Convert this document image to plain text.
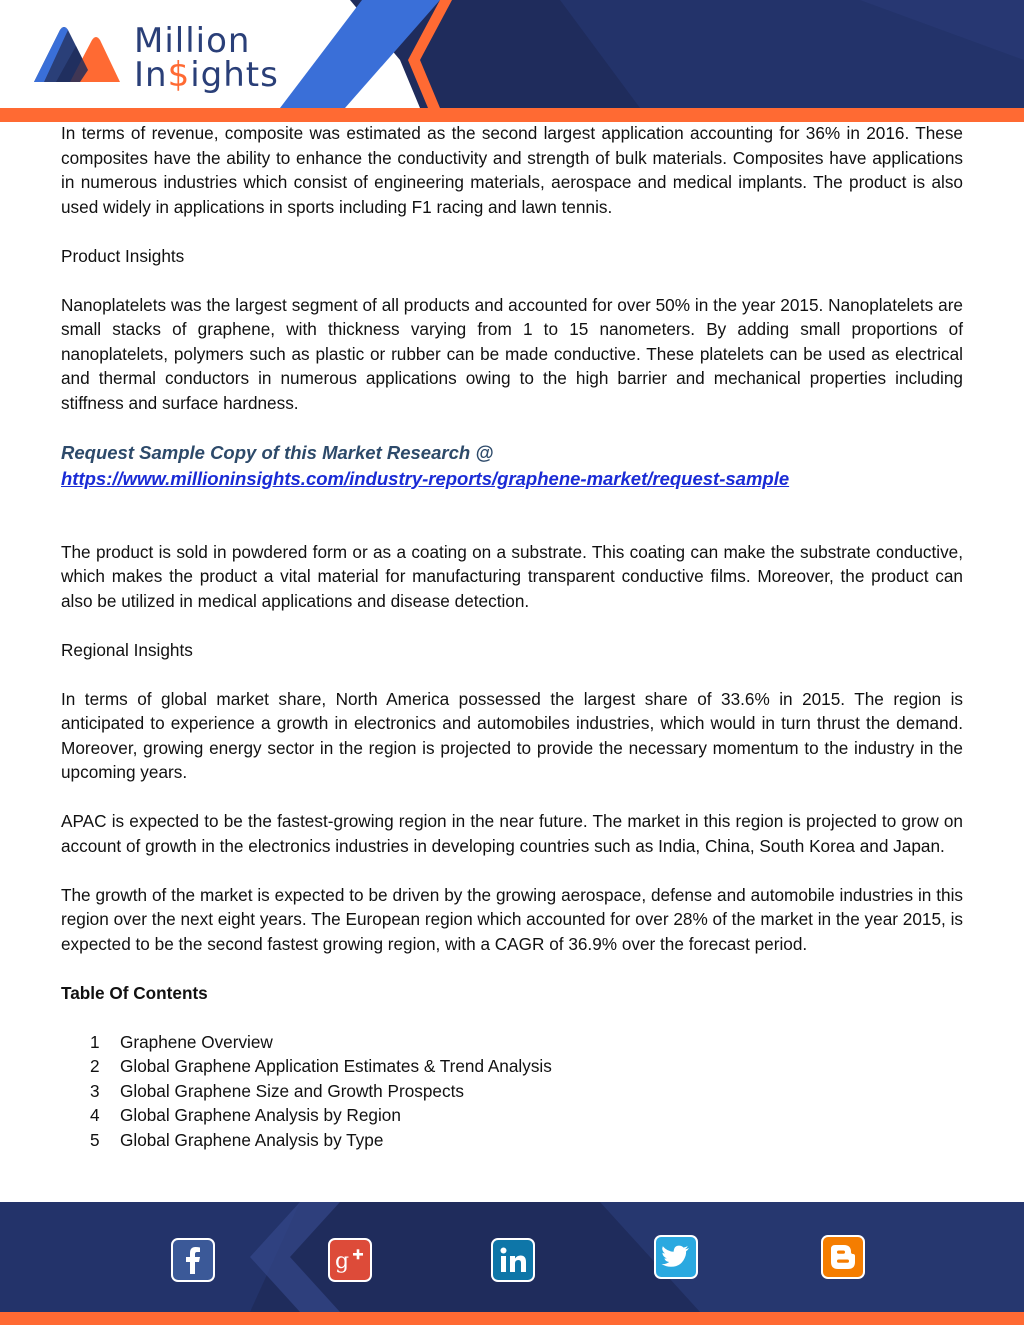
Million
In$ights

In terms of revenue, composite was estimated as the second largest application accounting for 36% in 2016. These composites have the ability to enhance the conductivity and strength of bulk materials. Composites have applications in numerous industries which consist of engineering materials, aerospace and medical implants. The product is also used widely in applications in sports including F1 racing and lawn tennis.

Product Insights

Nanoplatelets was the largest segment of all products and accounted for over 50% in the year 2015. Nanoplatelets are small stacks of graphene, with thickness varying from 1 to 15 nanometers. By adding small proportions of nanoplatelets, polymers such as plastic or rubber can be made conductive. These platelets can be used as electrical and thermal conductors in numerous applications owing to the high barrier and mechanical properties including stiffness and surface hardness.

Request Sample Copy of this Market Research @
https://www.millioninsights.com/industry-reports/graphene-market/request-sample

The product is sold in powdered form or as a coating on a substrate. This coating can make the substrate conductive, which makes the product a vital material for manufacturing transparent conductive films. Moreover, the product can also be utilized in medical applications and disease detection.

Regional Insights

In terms of global market share, North America possessed the largest share of 33.6% in 2015. The region is anticipated to experience a growth in electronics and automobiles industries, which would in turn thrust the demand. Moreover, growing energy sector in the region is projected to provide the necessary momentum to the industry in the upcoming years.

APAC is expected to be the fastest-growing region in the near future. The market in this region is projected to grow on account of growth in the electronics industries in developing countries such as India, China, South Korea and Japan.

The growth of the market is expected to be driven by the growing aerospace, defense and automobile industries in this region over the next eight years. The European region which accounted for over 28% of the market in the year 2015, is expected to be the second fastest growing region, with a CAGR of 36.9% over the forecast period.

Table Of Contents
1	Graphene Overview
2	Global Graphene Application Estimates & Trend Analysis
3	Global Graphene Size and Growth Prospects
4	Global Graphene Analysis by Region
5	Global Graphene Analysis by Type
g
